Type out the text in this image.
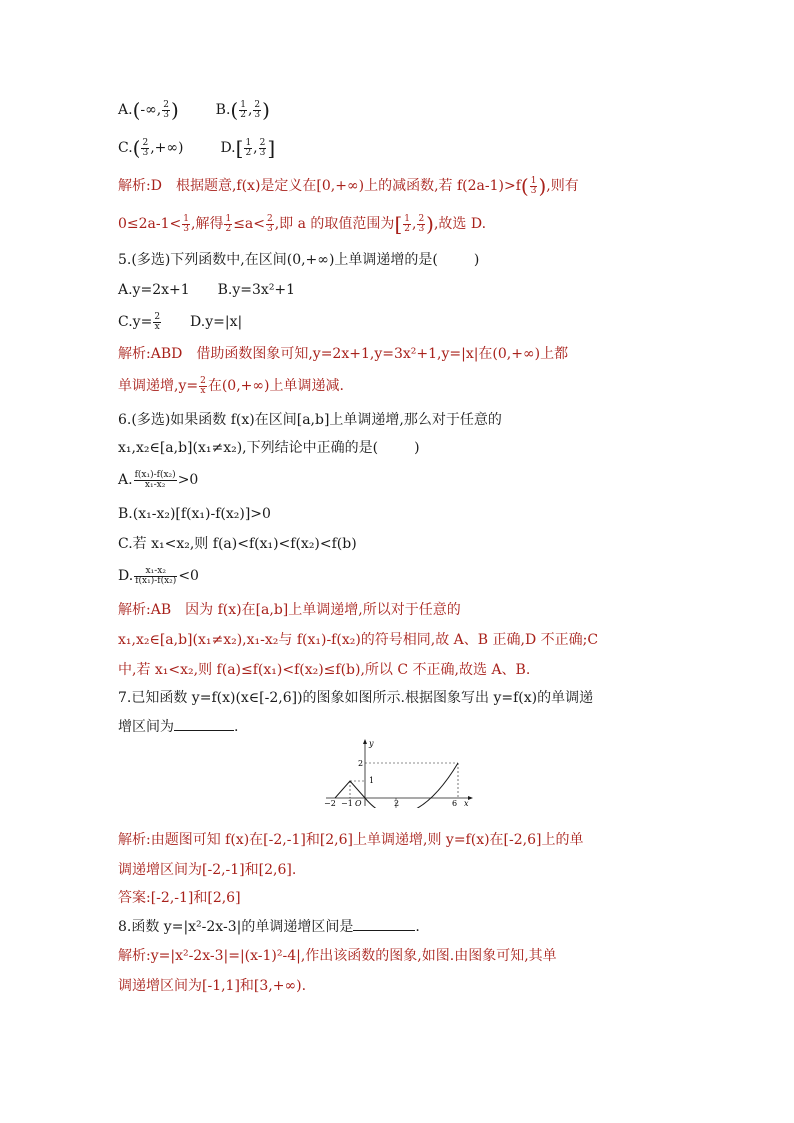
A.(-∞, $\frac{2}{3}$ )	$B.( \frac{1}{2}$ , $\frac{2}{3}$ )
$C.( \frac{2}{3}$ ,+∞)	$D.[ \frac{1}{2}$ , $\frac{2}{3}$ ]
解析:D 根据题意,f(x)是定义在[0,+∞)上的减函数,若 $f(2a-1)>f( \frac{1}{3}$ ),则有
$0\le 2a-1< \frac{1}{3}$ ,解得 $\frac{1}{2} \le a< \frac{2}{3}$ ,即 a 的取值范围为[ $\frac{1}{2}$ , $\frac{2}{3}$ ),故选 D.
5.(多选)下列函数中,在区间(0,+∞)上单调递增的是(	)
A.y=2x+1 B.y=3x²+1
$C.y= \frac{2}{x} D.y=|x|$
解析:ABD 借助函数图象可知,y=2x+1,y=3x²+1,y=|x|在(0,+∞)上都
单调递增$,y= \frac{2}{x}$ 在(0,+∞)上单调递减.
6.(多选)如果函数 f(x)在区间[a,b]上单调递增,那么对于任意的
x₁,x₂∈[a,b](x₁≠x₂),下列结论中正确的是(	)
A. $\frac{\text{f(x₁)-f(x₂)}}{\text{x₁-x₂}} >0$
B.(x₁-x₂)[f(x₁)-f(x₂)]>0
C.若 x₁<x₂,则 f(a)<f(x₁)<f(x₂)<f(b)
D. $\frac{\text{x₁-x₂}}{\text{f(x₁)-f(x₂)}} <0$
解析:AB 因为 f(x)在[a,b]上单调递增,所以对于任意的
x₁,x₂∈[a,b](x₁≠x₂),x₁-x₂与 f(x₁)-f(x₂)的符号相同,故 A、B 正确,D 不正确;C
中,若 x₁<x₂,则 f(a)≤f(x₁)<f(x₂)≤f(b),所以 C 不正确,故选 A、B.
7.已知函数 y=f(x)(x∈[-2,6])的图象如图所示.根据图象写出 y=f(x)的单调递
增区间为	.
y
x
2
1
−2 −1 O	2	6
解析:由题图可知 f(x)在[-2,-1]和[2,6]上单调递增,则 y=f(x)在[-2,6]上的单
调递增区间为[-2,-1]和[2,6].
答案:[-2,-1]和[2,6]
8.函数 y=|x²-2x-3|的单调递增区间是	.
解析:y=|x²-2x-3|=|(x-1)²-4|,作出该函数的图象,如图.由图象可知,其单
调递增区间为[-1,1]和[3,+∞).
